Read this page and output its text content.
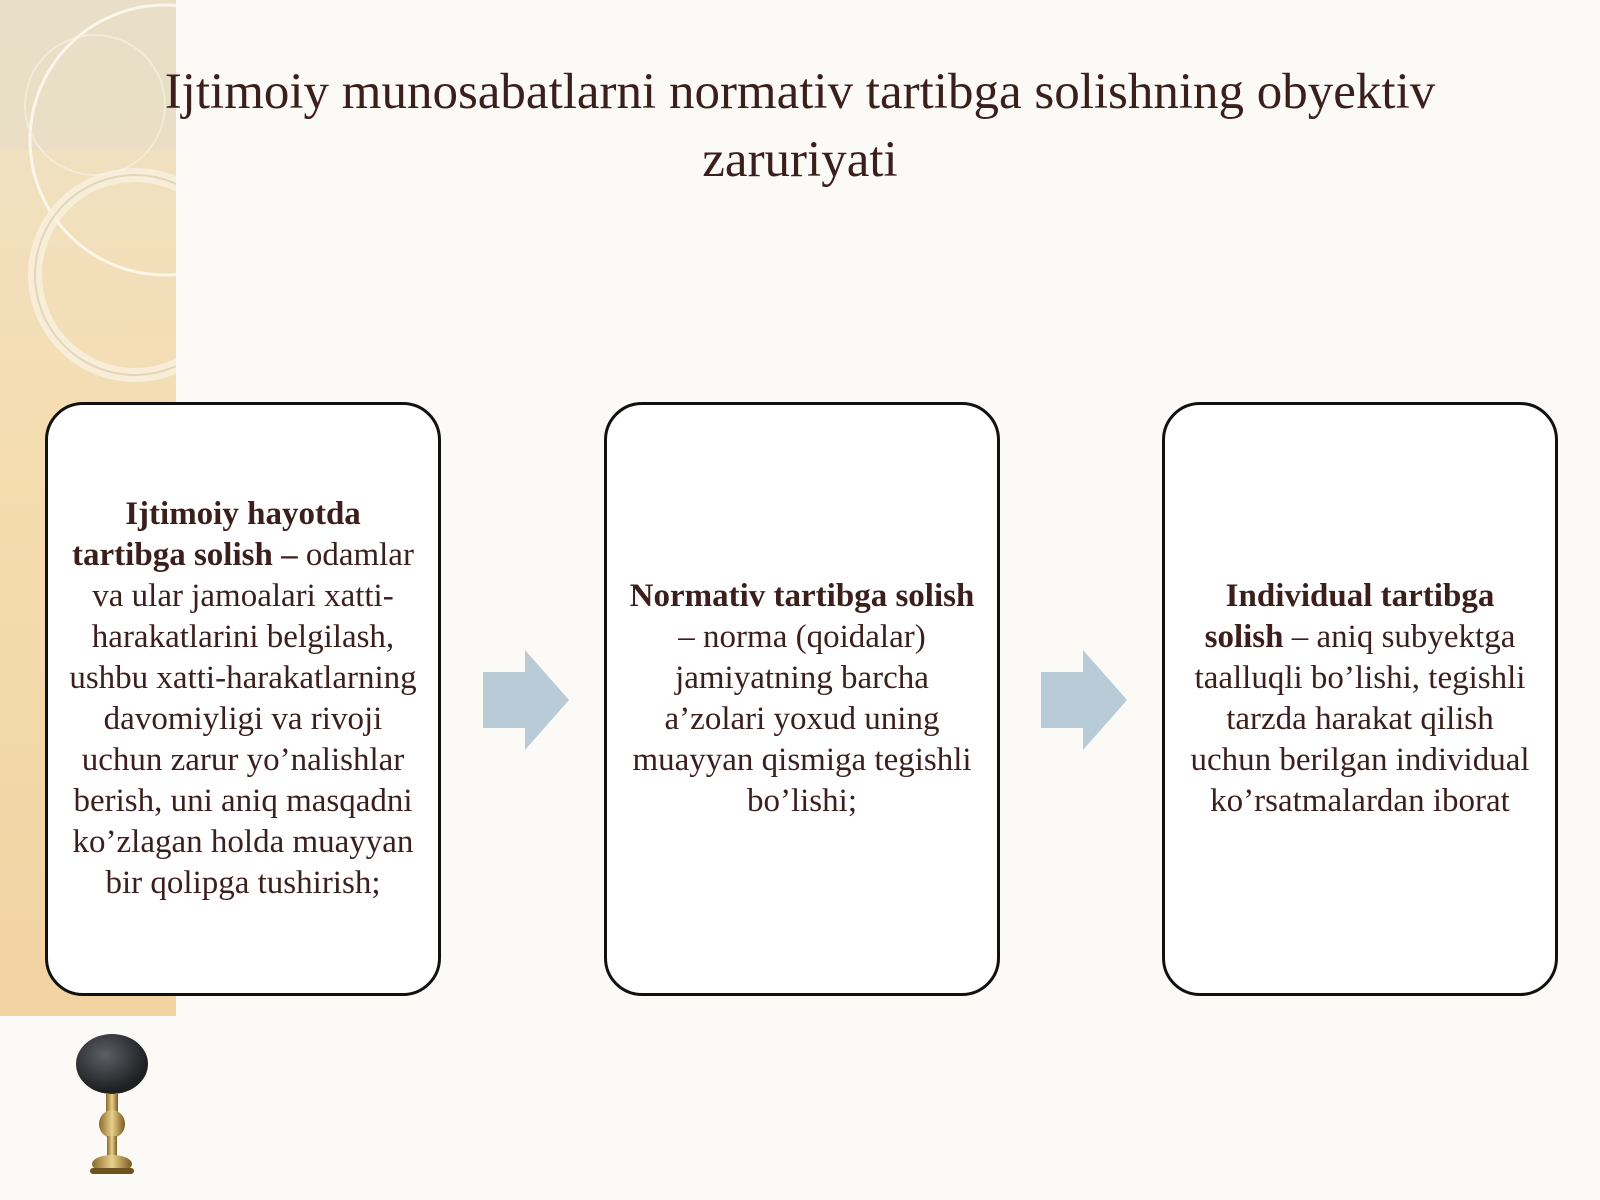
Ijtimoiy munosabatlarni normativ tartibga solishning obyektiv zaruriyati

Ijtimoiy hayotda tartibga solish – odamlar va ular jamoalari xatti-harakatlarini belgilash, ushbu xatti-harakatlarning davomiyligi va rivoji uchun zarur yo’nalishlar berish, uni aniq masqadni ko’zlagan holda muayyan bir qolipga tushirish;

Normativ tartibga solish – norma (qoidalar) jamiyatning barcha a’zolari yoxud uning muayyan qismiga tegishli bo’lishi;

Individual tartibga solish – aniq subyektga taalluqli bo’lishi, tegishli tarzda harakat qilish uchun berilgan individual ko’rsatmalardan iborat
